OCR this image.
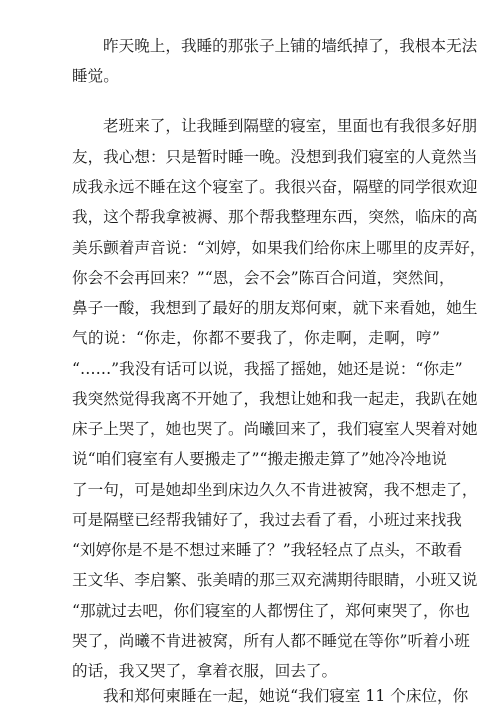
昨天晚上，我睡的那张子上铺的墙纸掉了，我根本无法
睡觉。
老班来了，让我睡到隔壁的寝室，里面也有我很多好朋
友，我心想：只是暂时睡一晚。没想到我们寝室的人竟然当
成我永远不睡在这个寝室了。我很兴奋，隔壁的同学很欢迎
我，这个帮我拿被褥、那个帮我整理东西，突然，临床的高
美乐颤着声音说：“刘婷，如果我们给你床上哪里的皮弄好，
你会不会再回来？”“恩，会不会”陈百合问道，突然间，
鼻子一酸，我想到了最好的朋友郑何柬，就下来看她，她生
气的说：“你走，你都不要我了，你走啊，走啊，哼”
“……”我没有话可以说，我摇了摇她，她还是说：“你走”
我突然觉得我离不开她了，我想让她和我一起走，我趴在她
床子上哭了，她也哭了。尚曦回来了，我们寝室人哭着对她
说“咱们寝室有人要搬走了”“搬走搬走算了”她冷冷地说
了一句，可是她却坐到床边久久不肯进被窝，我不想走了，
可是隔壁已经帮我铺好了，我过去看了看，小班过来找我
“刘婷你是不是不想过来睡了？”我轻轻点了点头，不敢看
王文华、李启繁、张美晴的那三双充满期待眼睛，小班又说
“那就过去吧，你们寝室的人都愣住了，郑何柬哭了，你也
哭了，尚曦不肯进被窝，所有人都不睡觉在等你”听着小班
的话，我又哭了，拿着衣服，回去了。
我和郑何柬睡在一起，她说“我们寝室 11 个床位，你
